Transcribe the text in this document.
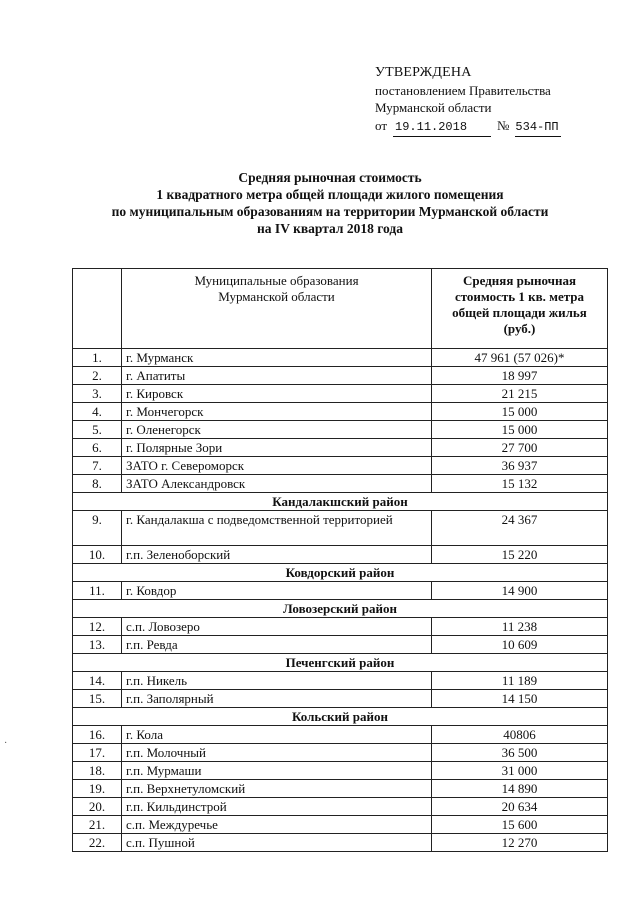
УТВЕРЖДЕНА
постановлением Правительства
Мурманской области
от 19.11.2018	№ 534-ПП
Средняя рыночная стоимость
1 квадратного метра общей площади жилого помещения
по муниципальным образованиям на территории Мурманской области
на IV квартал 2018 года
	Муниципальные образования Мурманской области	Средняя рыночная стоимость 1 кв. метра общей площади жилья (руб.)
1.	г. Мурманск	47 961 (57 026)*
2.	г. Апатиты	18 997
3.	г. Кировск	21 215
4.	г. Мончегорск	15 000
5.	г. Оленегорск	15 000
6.	г. Полярные Зори	27 700
7.	ЗАТО г. Североморск	36 937
8.	ЗАТО Александровск	15 132
Кандалакшский район		
9.	г. Кандалакша с подведомственной территорией	24 367
10.	г.п. Зеленоборский	15 220
Ковдорский район		
11.	г. Ковдор	14 900
Ловозерский район		
12.	с.п. Ловозеро	11 238
13.	г.п. Ревда	10 609
Печенгский район		
14.	г.п. Никель	11 189
15.	г.п. Заполярный	14 150
Кольский район		
16.	г. Кола	40806
17.	г.п. Молочный	36 500
18.	г.п. Мурмаши	31 000
19.	г.п. Верхнетуломский	14 890
20.	г.п. Кильдинстрой	20 634
21.	с.п. Междуречье	15 600
22.	с.п. Пушной	12 270
·
